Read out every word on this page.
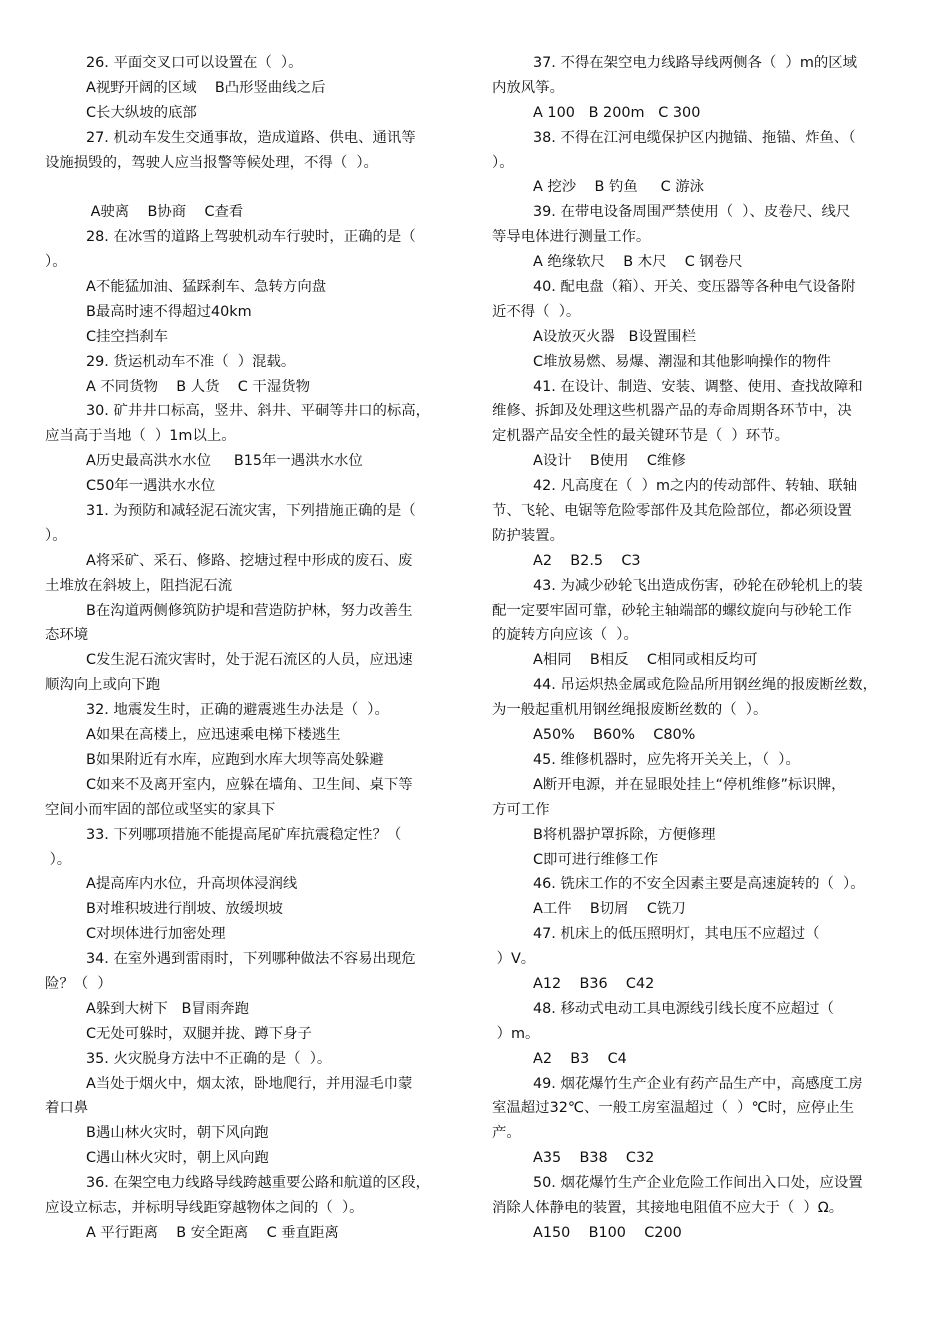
26. 平面交叉口可以设置在（  ）。
A视野开阔的区域    B凸形竖曲线之后
C长大纵坡的底部
27. 机动车发生交通事故，造成道路、供电、通讯等
设施损毁的，驾驶人应当报警等候处理，不得（  ）。
A驶离    B协商    C查看
28. 在冰雪的道路上驾驶机动车行驶时，正确的是（
）。
A不能猛加油、猛踩刹车、急转方向盘
B最高时速不得超过40km
C挂空挡刹车
29. 货运机动车不准（  ）混载。
A 不同货物    B 人货    C 干湿货物
30. 矿井井口标高，竖井、斜井、平硐等井口的标高，
应当高于当地（  ）1m以上。
A历史最高洪水水位     B15年一遇洪水水位
C50年一遇洪水水位
31. 为预防和减轻泥石流灾害，下列措施正确的是（
）。
A将采矿、采石、修路、挖塘过程中形成的废石、废
土堆放在斜坡上，阻挡泥石流
B在沟道两侧修筑防护堤和营造防护林，努力改善生
态环境
C发生泥石流灾害时，处于泥石流区的人员，应迅速
顺沟向上或向下跑
32. 地震发生时，正确的避震逃生办法是（  ）。
A如果在高楼上，应迅速乘电梯下楼逃生
B如果附近有水库，应跑到水库大坝等高处躲避
C如来不及离开室内，应躲在墙角、卫生间、桌下等
空间小而牢固的部位或坚实的家具下
33. 下列哪项措施不能提高尾矿库抗震稳定性？（
）。
A提高库内水位，升高坝体浸润线
B对堆积坡进行削坡、放缓坝坡
C对坝体进行加密处理
34. 在室外遇到雷雨时，下列哪种做法不容易出现危
险？（  ）
A躲到大树下   B冒雨奔跑
C无处可躲时，双腿并拢、蹲下身子
35. 火灾脱身方法中不正确的是（  ）。
A当处于烟火中，烟太浓，卧地爬行，并用湿毛巾蒙
着口鼻
B遇山林火灾时，朝下风向跑
C遇山林火灾时，朝上风向跑
36. 在架空电力线路导线跨越重要公路和航道的区段，
应设立标志，并标明导线距穿越物体之间的（  ）。
A 平行距离    B 安全距离    C 垂直距离
37. 不得在架空电力线路导线两侧各（  ）m的区域
内放风筝。
A 100   B 200m   C 300
38. 不得在江河电缆保护区内抛锚、拖锚、炸鱼、（
）。
A 挖沙    B 钓鱼     C 游泳
39. 在带电设备周围严禁使用（  ）、皮卷尺、线尺
等导电体进行测量工作。
A 绝缘软尺    B 木尺    C 钢卷尺
40. 配电盘（箱）、开关、变压器等各种电气设备附
近不得（  ）。
A设放灭火器   B设置围栏
C堆放易燃、易爆、潮湿和其他影响操作的物件
41. 在设计、制造、安装、调整、使用、查找故障和
维修、拆卸及处理这些机器产品的寿命周期各环节中，决
定机器产品安全性的最关键环节是（  ）环节。
A设计    B使用    C维修
42. 凡高度在（  ）m之内的传动部件、转轴、联轴
节、飞轮、电锯等危险零部件及其危险部位，都必须设置
防护装置。
A2    B2.5    C3
43. 为减少砂轮飞出造成伤害，砂轮在砂轮机上的装
配一定要牢固可靠，砂轮主轴端部的螺纹旋向与砂轮工作
的旋转方向应该（  ）。
A相同    B相反    C相同或相反均可
44. 吊运炽热金属或危险品所用钢丝绳的报废断丝数，
为一般起重机用钢丝绳报废断丝数的（  ）。
A50%    B60%    C80%
45. 维修机器时，应先将开关关上，（  ）。
A断开电源，并在显眼处挂上“停机维修”标识牌，
方可工作
B将机器护罩拆除，方便修理
C即可进行维修工作
46. 铣床工作的不安全因素主要是高速旋转的（  ）。
A工件    B切屑    C铣刀
47. 机床上的低压照明灯，其电压不应超过（
）V。
A12    B36    C42
48. 移动式电动工具电源线引线长度不应超过（
）m。
A2    B3    C4
49. 烟花爆竹生产企业有药产品生产中，高感度工房
室温超过32℃、一般工房室温超过（  ）℃时，应停止生
产。
A35    B38    C32
50. 烟花爆竹生产企业危险工作间出入口处，应设置
消除人体静电的装置，其接地电阻值不应大于（  ）Ω。
A150    B100    C200
